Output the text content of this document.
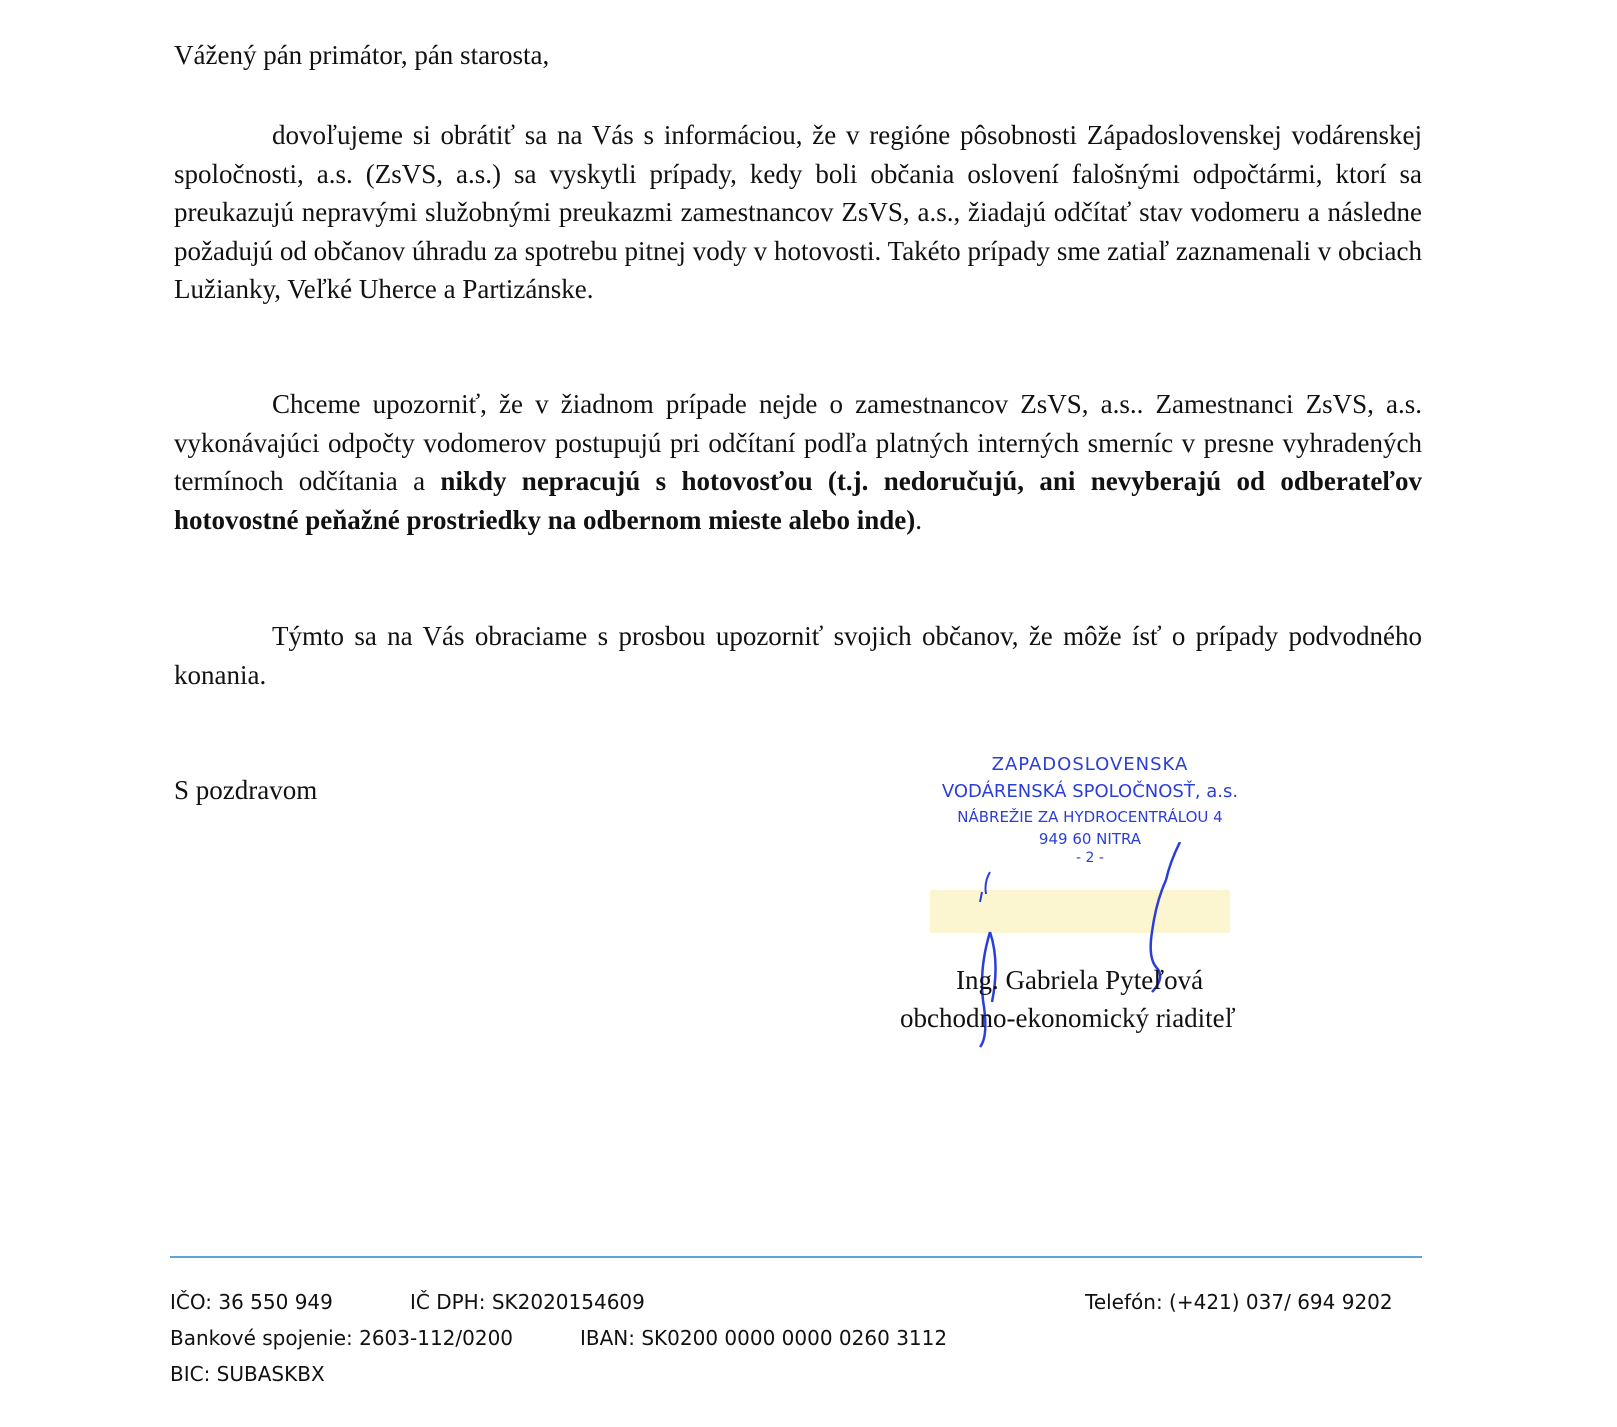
Vážený pán primátor, pán starosta,

dovoľujeme si obrátiť sa na Vás s informáciou, že v regióne pôsobnosti Západoslovenskej vodárenskej spoločnosti, a.s. (ZsVS, a.s.) sa vyskytli prípady, kedy boli občania oslovení falošnými odpočtármi, ktorí sa preukazujú nepravými služobnými preukazmi zamestnancov ZsVS, a.s., žiadajú odčítať stav vodomeru a následne požadujú od občanov úhradu za spotrebu pitnej vody v hotovosti. Takéto prípady sme zatiaľ zaznamenali v obciach Lužianky, Veľké Uherce a Partizánske.

Chceme upozorniť, že v žiadnom prípade nejde o zamestnancov ZsVS, a.s.. Zamestnanci ZsVS, a.s. vykonávajúci odpočty vodomerov postupujú pri odčítaní podľa platných interných smerníc v presne vyhradených termínoch odčítania a nikdy nepracujú s hotovosťou (t.j. nedoručujú, ani nevyberajú od odberateľov hotovostné peňažné prostriedky na odbernom mieste alebo inde).

Týmto sa na Vás obraciame s prosbou upozorniť svojich občanov, že môže ísť o prípady podvodného konania.

S pozdravom
ZAPADOSLOVENSKA
VODÁRENSKÁ SPOLOČNOSŤ, a.s.
NÁBREŽIE ZA HYDROCENTRÁLOU 4
949 60 NITRA
- 2 -
Ing. Gabriela Pyteľová
obchodno-ekonomický riaditeľ
IČO: 36 550 949	IČ DPH: SK2020154609	Telefón: (+421) 037/ 694 9202
Bankové spojenie: 2603-112/0200	IBAN: SK0200 0000 0000 0260 3112
BIC: SUBASKBX
